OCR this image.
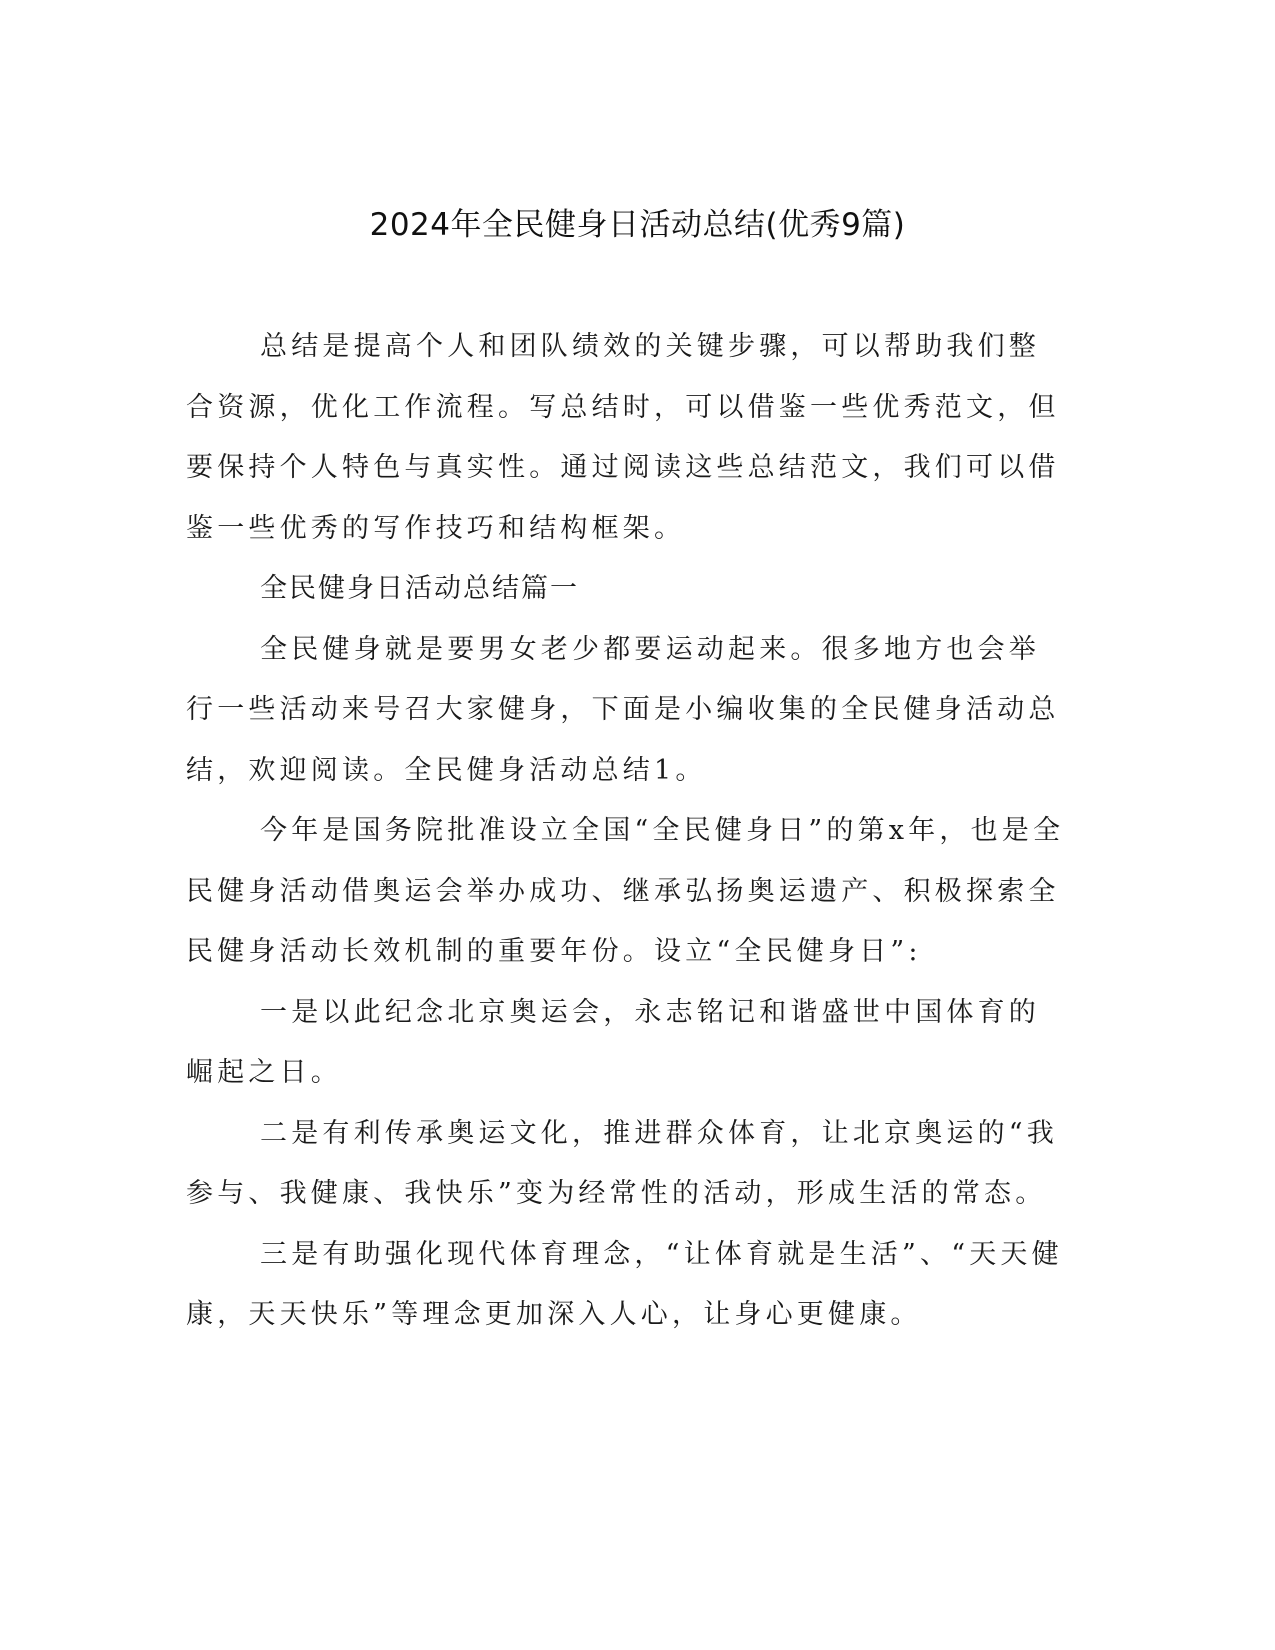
2024年全民健身日活动总结(优秀9篇)

总结是提高个人和团队绩效的关键步骤，可以帮助我们整合资源，优化工作流程。写总结时，可以借鉴一些优秀范文，但要保持个人特色与真实性。通过阅读这些总结范文，我们可以借鉴一些优秀的写作技巧和结构框架。

全民健身日活动总结篇一

全民健身就是要男女老少都要运动起来。很多地方也会举行一些活动来号召大家健身，下面是小编收集的全民健身活动总结，欢迎阅读。全民健身活动总结1。

今年是国务院批准设立全国“全民健身日”的第x年，也是全民健身活动借奥运会举办成功、继承弘扬奥运遗产、积极探索全民健身活动长效机制的重要年份。设立“全民健身日”:

一是以此纪念北京奥运会，永志铭记和谐盛世中国体育的崛起之日。

二是有利传承奥运文化，推进群众体育，让北京奥运的“我参与、我健康、我快乐”变为经常性的活动，形成生活的常态。

三是有助强化现代体育理念，“让体育就是生活”、“天天健康，天天快乐”等理念更加深入人心，让身心更健康。
